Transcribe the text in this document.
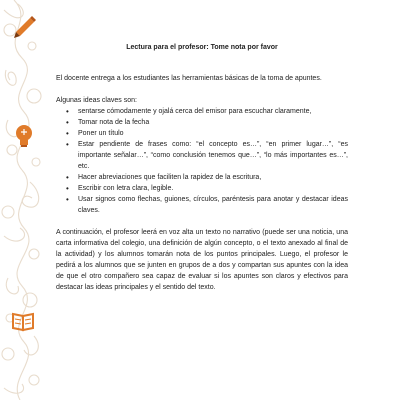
Lectura para el profesor: Tome nota por favor

El docente entrega a los estudiantes las herramientas básicas de la toma de apuntes.

Algunas ideas claves son:

• sentarse cómodamente y ojalá cerca del emisor para escuchar claramente,
• Tomar nota de la fecha
• Poner un título
• Estar pendiente de frases como: “el concepto es…”, “en primer lugar…”, “es importante señalar…”, “como conclusión tenemos que…”, “lo más importantes es…”, etc.
• Hacer abreviaciones que faciliten la rapidez de la escritura,
• Escribir con letra clara, legible.
• Usar signos como flechas, guiones, círculos, paréntesis para anotar y destacar ideas claves.

A continuación, el profesor leerá en voz alta un texto no narrativo (puede ser una noticia, una carta informativa del colegio, una definición de algún concepto, o el texto anexado al final de la actividad) y los alumnos tomarán nota de los puntos principales. Luego, el profesor le pedirá a los alumnos que se junten en grupos de a dos y compartan sus apuntes con la idea de que el otro compañero sea capaz de evaluar si los apuntes son claros y efectivos para destacar las ideas principales y el sentido del texto.
